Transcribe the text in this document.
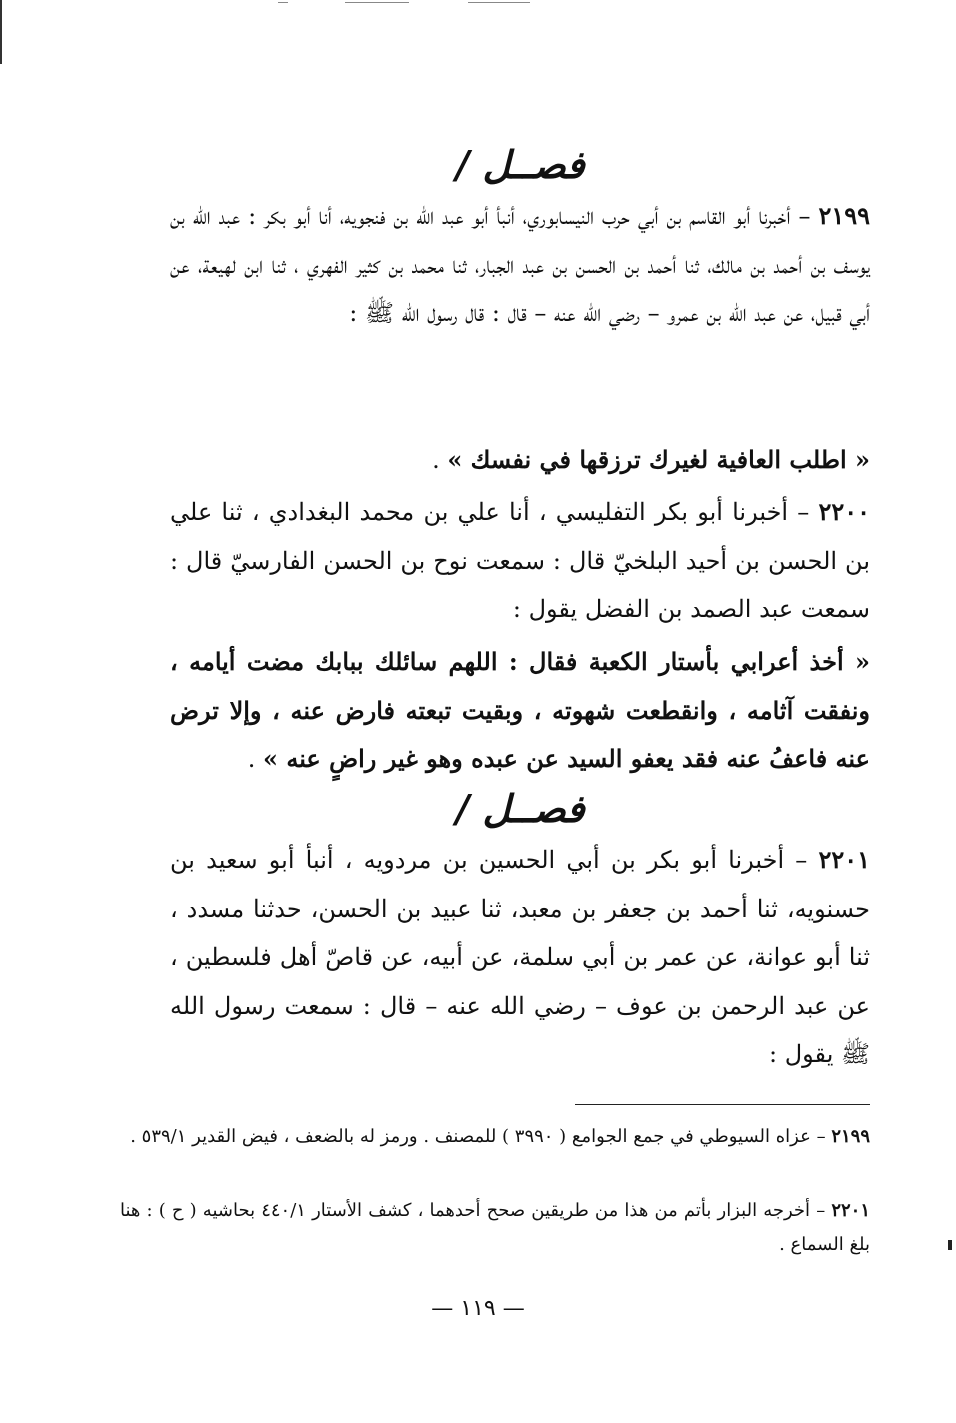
فصــل /
٢١٩٩ – أخبرنا أبو القاسم بن أبي حرب النيسابوري، أنبأ أبو عبد الله بن فنجويه، أنا أبو بكر : عبد الله بن يوسف بن أحمد بن مالك، ثنا أحمد بن الحسن بن عبد الجبار، ثنا محمد بن كثير الفهري ، ثنا ابن لهيعة، عن أبي قبيل، عن عبد الله بن عمرو – رضي الله عنه – قال : قال رسول الله ﷺ :
« اطلب العافية لغيرك ترزقها في نفسك » .
٢٢٠٠ – أخبرنا أبو بكر التفليسي ، أنا علي بن محمد البغدادي ، ثنا علي بن الحسن بن أحيد البلخيّ قال : سمعت نوح بن الحسن الفارسيّ قال : سمعت عبد الصمد بن الفضل يقول :
« أخذ أعرابي بأستار الكعبة فقال : اللهم سائلك ببابك مضت أيامه ، ونفقت آثامه ، وانقطعت شهوته ، وبقيت تبعته فارض عنه ، وإلا ترض عنه فاعفُ عنه فقد يعفو السيد عن عبده وهو غير راضٍ عنه » .
فصــل /
٢٢٠١ – أخبرنا أبو بكر بن أبي الحسين بن مردويه ، أنبأ أبو سعيد بن حسنويه، ثنا أحمد بن جعفر بن معبد، ثنا عبيد بن الحسن، حدثنا مسدد ، ثنا أبو عوانة، عن عمر بن أبي سلمة، عن أبيه، عن قاصّ أهل فلسطين ، عن عبد الرحمن بن عوف – رضي الله عنه – قال : سمعت رسول الله ﷺ يقول :
٢١٩٩ – عزاه السيوطي في جمع الجوامع ( ٣٩٩٠ ) للمصنف . ورمز له بالضعف ، فيض القدير ٥٣٩/١ .
٢٢٠١ – أخرجه البزار بأتم من هذا من طريقين صحح أحدهما ، كشف الأستار ٤٤٠/١ بحاشيه ( ح ) : هنا بلغ السماع .
— ١١٩ —
